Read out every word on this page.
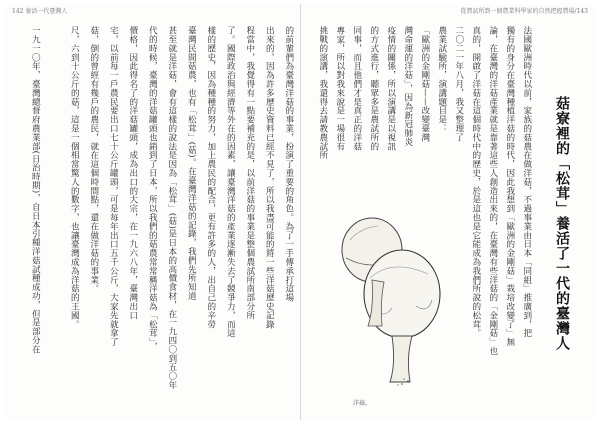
142 養活一代臺灣人	從農試所到一個農業科學家的自然把握農場/143
菇寮裡的「松茸」養活了一代的臺灣人
的前輩們為臺灣洋菇的事業，扮演了重要的角色。為了一手傳承打這場
出來的，因為許多歷史資料已經不見了，所以我盡可能的將一些洋菇歷史記錄
程當中，我覺得有一點要補充的是，以前洋菇的事業是整個農試所南部分所
了。國際政治與經濟等外在的因素，讓臺灣洋菇的產業逐漸失去了競爭力，而這
樣的歷史，因為種種的努力，加上農民的配合，更有許多的人，出自己的辛勞
臺灣民間菇農，也有「松茸」(菇)。在臺灣洋菇的記錄，我們先所知道
甚至就是洋菇，會有這樣的說法是因為「松茸」(菇)是日本的高價食材，在一九四〇到五〇年
代的時候，臺灣的洋菇罐頭也銷到了日本，所以我們的菇農常常稱洋菇為「松茸」，
價格，因此得名了的洋菇罐頭，成為出口的大宗，在一九六八年，臺灣出口
宅，以前每一戶農民要出口七十公斤罐頭，可是每年出口五千公斤，大家先就拿了
菇，倒的曾經有幾戶的農民，就在這個時間點，還在做洋菇的事業。
尺，六到十公斤的菇，這是一個相當驚人的數字，也讓臺灣成為洋菇的王國。
一九一〇年，臺灣總督府農業部(日治時期)，自日本引種洋菇試種成功，但是部分在	法國歐洲時代以前，家族的菇農在做洋菇，不過事業由日本「同組」推廣到，把
獨有的身分在臺灣種植洋菇的時代，因此我想到「歐洲的金剛菇」栽培改變了」無
論，在臺灣的洋菇產業就是靠著這些人創造出來的，在臺灣有些洋菇的「金剛菇」也
真的，開啟了洋菇在這個時代中的歷史，於是這也是它能成為我們所說的松茸。
二〇二一年八月，我又整理了
農業試驗所，演講題目是：
「歐洲的金剛菇——改變臺灣
灣命運的洋菇」，因為新冠肺炎
疫情的關係，所以演講是以視訊
的方式進行，聽眾多是農試所的
同事，而且他們才是真正的洋菇
專家，所以對我來說是一場很有
挑戰的演講，我還得去請教農試所
洋菇。
